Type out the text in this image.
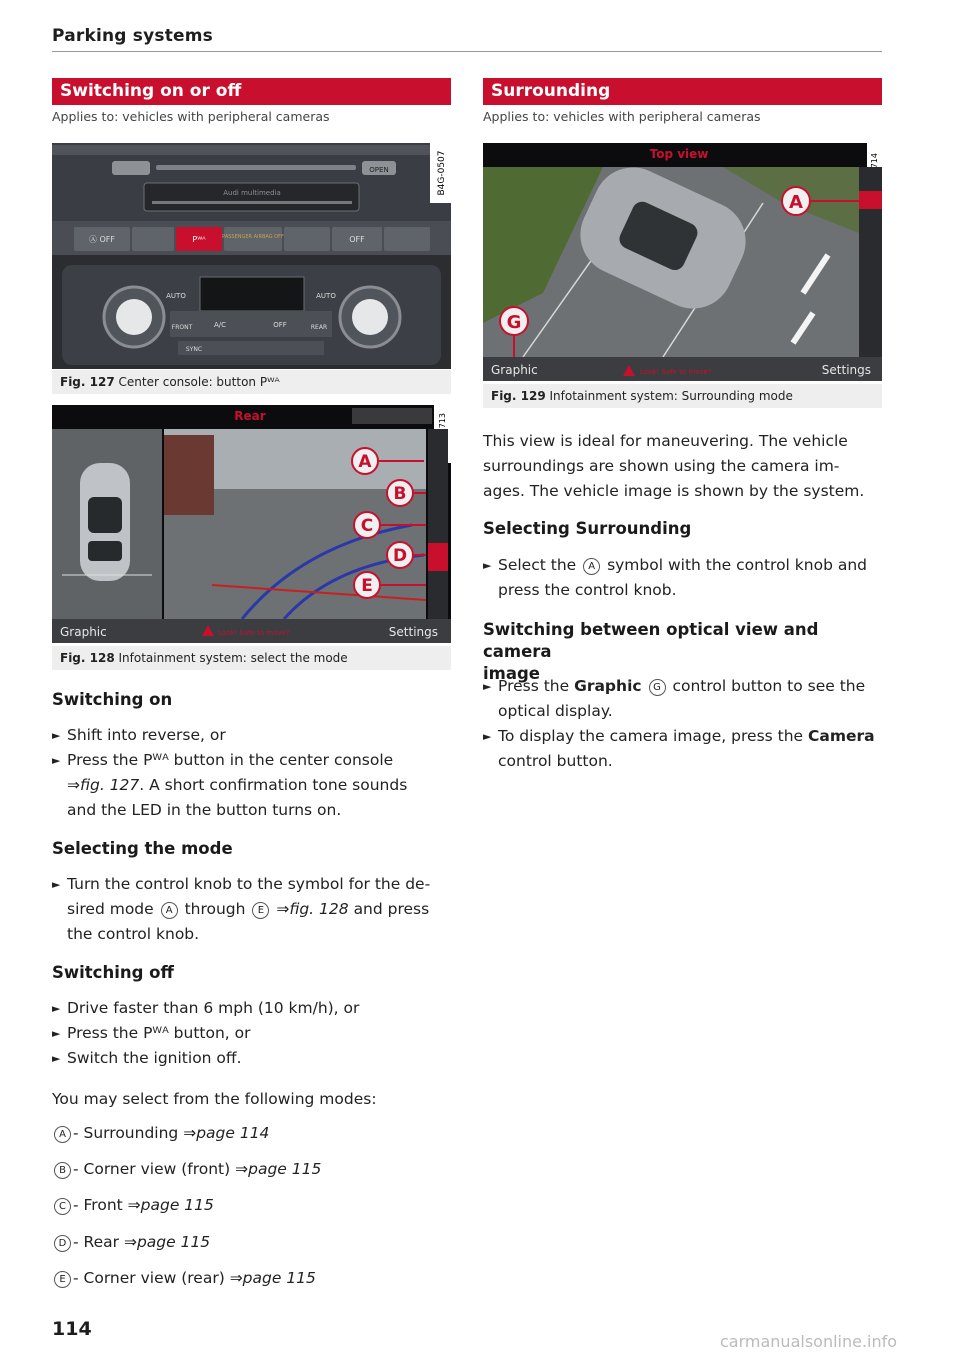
Parking systems
Switching on or off
Applies to: vehicles with peripheral cameras
OPEN
Audi multimedia
Ⓐ OFF	Pᵂᴬ	PASSENGER AIRBAG OFF	OFF
AUTO	AUTO
FRONT	A/C	OFF	REAR
SYNC
B4G-0507
Fig. 127 Center console: button Pᵂᴬ
Rear
A
B
C
D
E
Graphic	Look! Safe to move?	Settings
Fig. 128 Infotainment system: select the mode
Switching on
► Shift into reverse, or
► Press the Pᵂᴬ button in the center console
⇒fig. 127. A short confirmation tone sounds
and the LED in the button turns on.
Selecting the mode
► Turn the control knob to the symbol for the de-
sired mode A through E ⇒fig. 128 and press
the control knob.
Switching off
► Drive faster than 6 mph (10 km/h), or
► Press the Pᵂᴬ button, or
► Switch the ignition off.
You may select from the following modes:
A - Surrounding ⇒page 114
B - Corner view (front) ⇒page 115
C - Front ⇒page 115
D - Rear ⇒page 115
E - Corner view (rear) ⇒page 115
Surrounding
Applies to: vehicles with peripheral cameras
Top view
A
G
Graphic	Look! Safe to move?	Settings
Fig. 129 Infotainment system: Surrounding mode
This view is ideal for maneuvering. The vehicle
surroundings are shown using the camera im-
ages. The vehicle image is shown by the system.
Selecting Surrounding
► Select the A symbol with the control knob and
press the control knob.
Switching between optical view and camera
image
► Press the Graphic G control button to see the
optical display.
► To display the camera image, press the Camera
control button.
114
carmanualsonline.info
